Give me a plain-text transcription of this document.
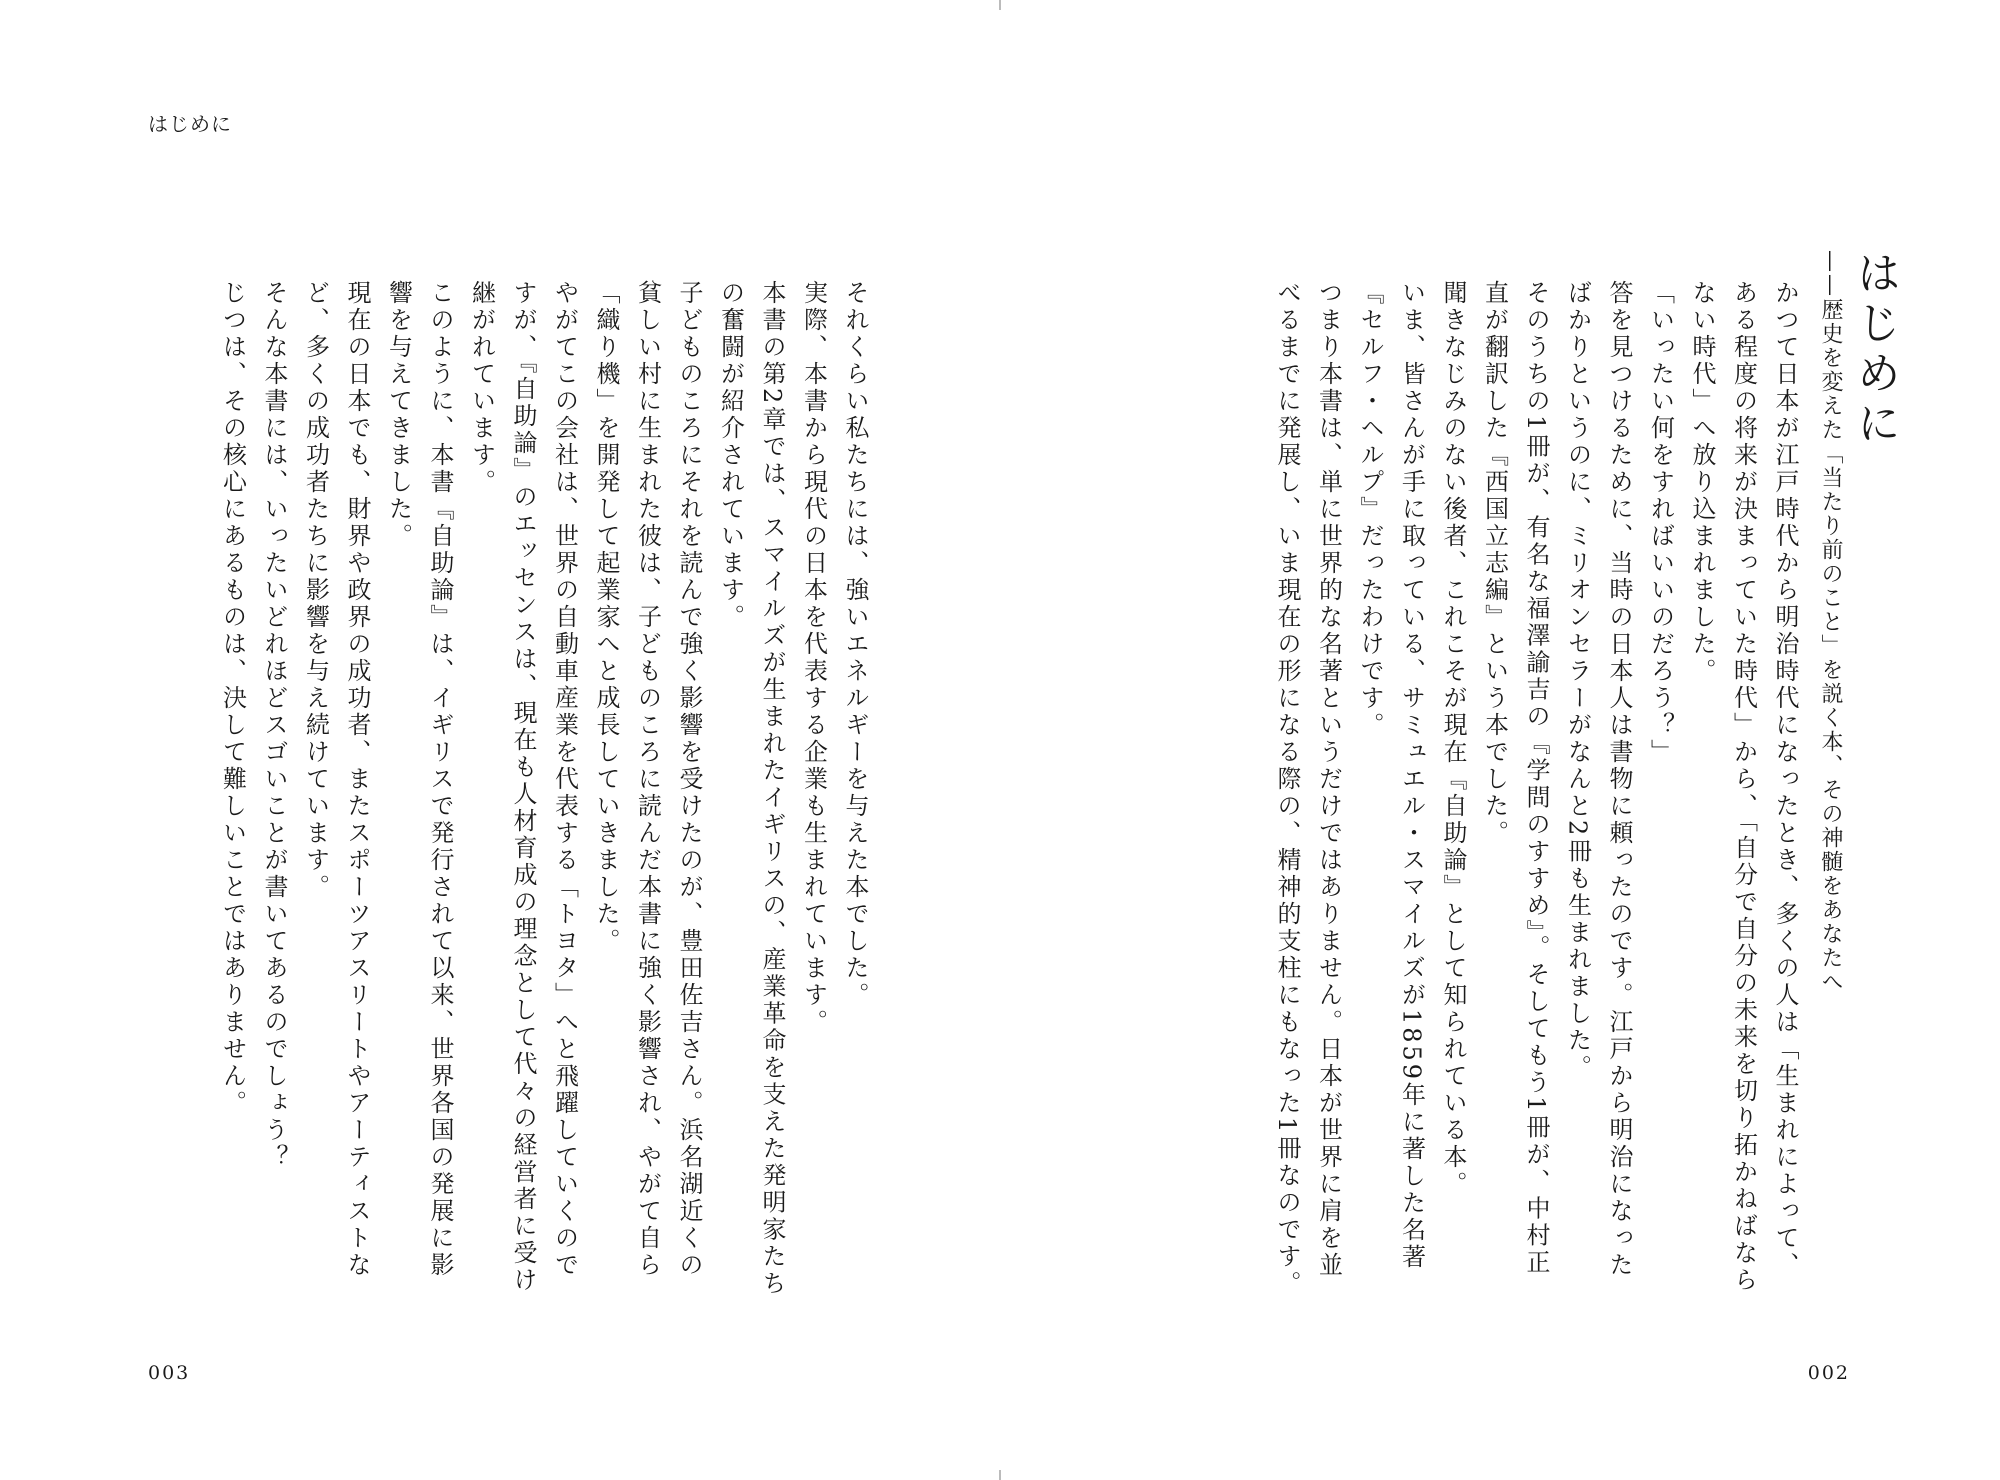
はじめに
はじめに
——歴史を変えた「当たり前のこと」を説く本、その神髄をあなたへ

かつて日本が江戸時代から明治時代になったとき、多くの人は「生まれによって、ある程度の将来が決まっていた時代」から、「自分で自分の未来を切り拓かねばならない時代」へ放り込まれました。

「いったい何をすればいいのだろう？」

答を見つけるために、当時の日本人は書物に頼ったのです。江戸から明治になったばかりというのに、ミリオンセラーがなんと2冊も生まれました。

そのうちの1冊が、有名な福澤諭吉の『学問のすすめ』。そしてもう1冊が、中村正直が翻訳した『西国立志編』という本でした。

聞きなじみのない後者、これこそが現在『自助論』として知られている本。

いま、皆さんが手に取っている、サミュエル・スマイルズが1859年に著した名著『セルフ・ヘルプ』だったわけです。

つまり本書は、単に世界的な名著というだけではありません。日本が世界に肩を並べるまでに発展し、いま現在の形になる際の、精神的支柱にもなった1冊なのです。

それくらい私たちには、強いエネルギーを与えた本でした。

実際、本書から現代の日本を代表する企業も生まれています。

本書の第2章では、スマイルズが生まれたイギリスの、産業革命を支えた発明家たちの奮闘が紹介されています。

子どものころにそれを読んで強く影響を受けたのが、豊田佐吉さん。浜名湖近くの貧しい村に生まれた彼は、子どものころに読んだ本書に強く影響され、やがて自ら「織り機」を開発して起業家へと成長していきました。

やがてこの会社は、世界の自動車産業を代表する「トヨタ」へと飛躍していくのですが、『自助論』のエッセンスは、現在も人材育成の理念として代々の経営者に受け継がれています。

このように、本書『自助論』は、イギリスで発行されて以来、世界各国の発展に影響を与えてきました。

現在の日本でも、財界や政界の成功者、またスポーツアスリートやアーティストなど、多くの成功者たちに影響を与え続けています。

そんな本書には、いったいどれほどスゴいことが書いてあるのでしょう？

じつは、その核心にあるものは、決して難しいことではありません。

003	002
